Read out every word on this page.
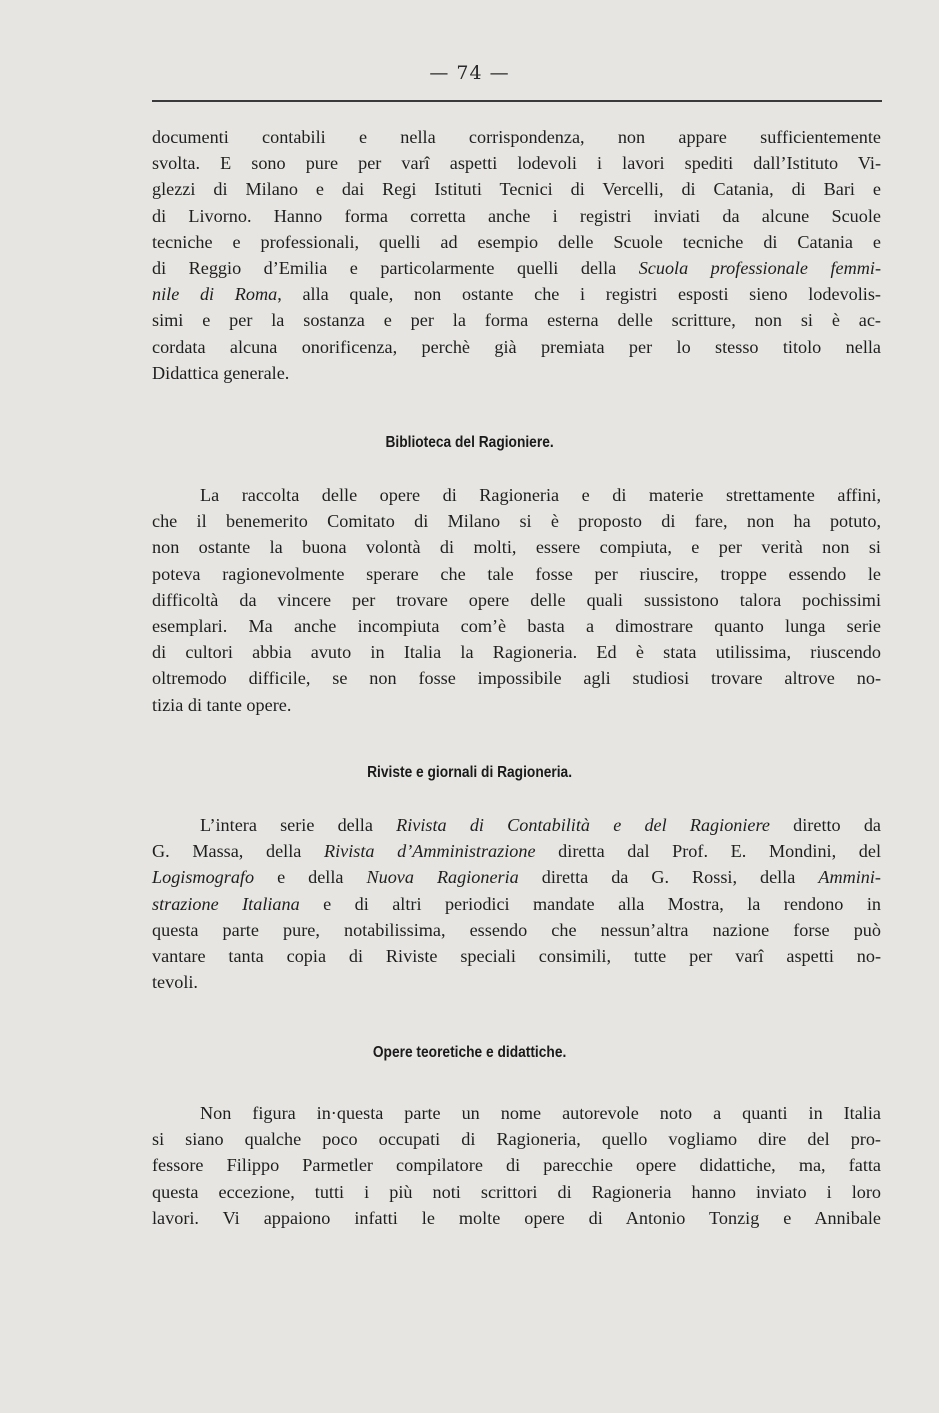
— 74 —
documenti contabili e nella corrispondenza, non appare sufficientemente
svolta. E sono pure per varî aspetti lodevoli i lavori spediti dall’Istituto Vi-
glezzi di Milano e dai Regi Istituti Tecnici di Vercelli, di Catania, di Bari e
di Livorno. Hanno forma corretta anche i registri inviati da alcune Scuole
tecniche e professionali, quelli ad esempio delle Scuole tecniche di Catania e
di Reggio d’Emilia e particolarmente quelli della Scuola professionale femmi-
nile di Roma, alla quale, non ostante che i registri esposti sieno lodevolis-
simi e per la sostanza e per la forma esterna delle scritture, non si è ac-
cordata alcuna onorificenza, perchè già premiata per lo stesso titolo nella
Didattica generale.
Biblioteca del Ragioniere.
La raccolta delle opere di Ragioneria e di materie strettamente affini,
che il benemerito Comitato di Milano si è proposto di fare, non ha potuto,
non ostante la buona volontà di molti, essere compiuta, e per verità non si
poteva ragionevolmente sperare che tale fosse per riuscire, troppe essendo le
difficoltà da vincere per trovare opere delle quali sussistono talora pochissimi
esemplari. Ma anche incompiuta com’è basta a dimostrare quanto lunga serie
di cultori abbia avuto in Italia la Ragioneria. Ed è stata utilissima, riuscendo
oltremodo difficile, se non fosse impossibile agli studiosi trovare altrove no-
tizia di tante opere.
Riviste e giornali di Ragioneria.
L’intera serie della Rivista di Contabilità e del Ragioniere diretto da
G. Massa, della Rivista d’Amministrazione diretta dal Prof. E. Mondini, del
Logismografo e della Nuova Ragioneria diretta da G. Rossi, della Ammini-
strazione Italiana e di altri periodici mandate alla Mostra, la rendono in
questa parte pure, notabilissima, essendo che nessun’altra nazione forse può
vantare tanta copia di Riviste speciali consimili, tutte per varî aspetti no-
tevoli.
Opere teoretiche e didattiche.
Non figura in·questa parte un nome autorevole noto a quanti in Italia
si siano qualche poco occupati di Ragioneria, quello vogliamo dire del pro-
fessore Filippo Parmetler compilatore di parecchie opere didattiche, ma, fatta
questa eccezione, tutti i più noti scrittori di Ragioneria hanno inviato i loro
lavori. Vi appaiono infatti le molte opere di Antonio Tonzig e Annibale
